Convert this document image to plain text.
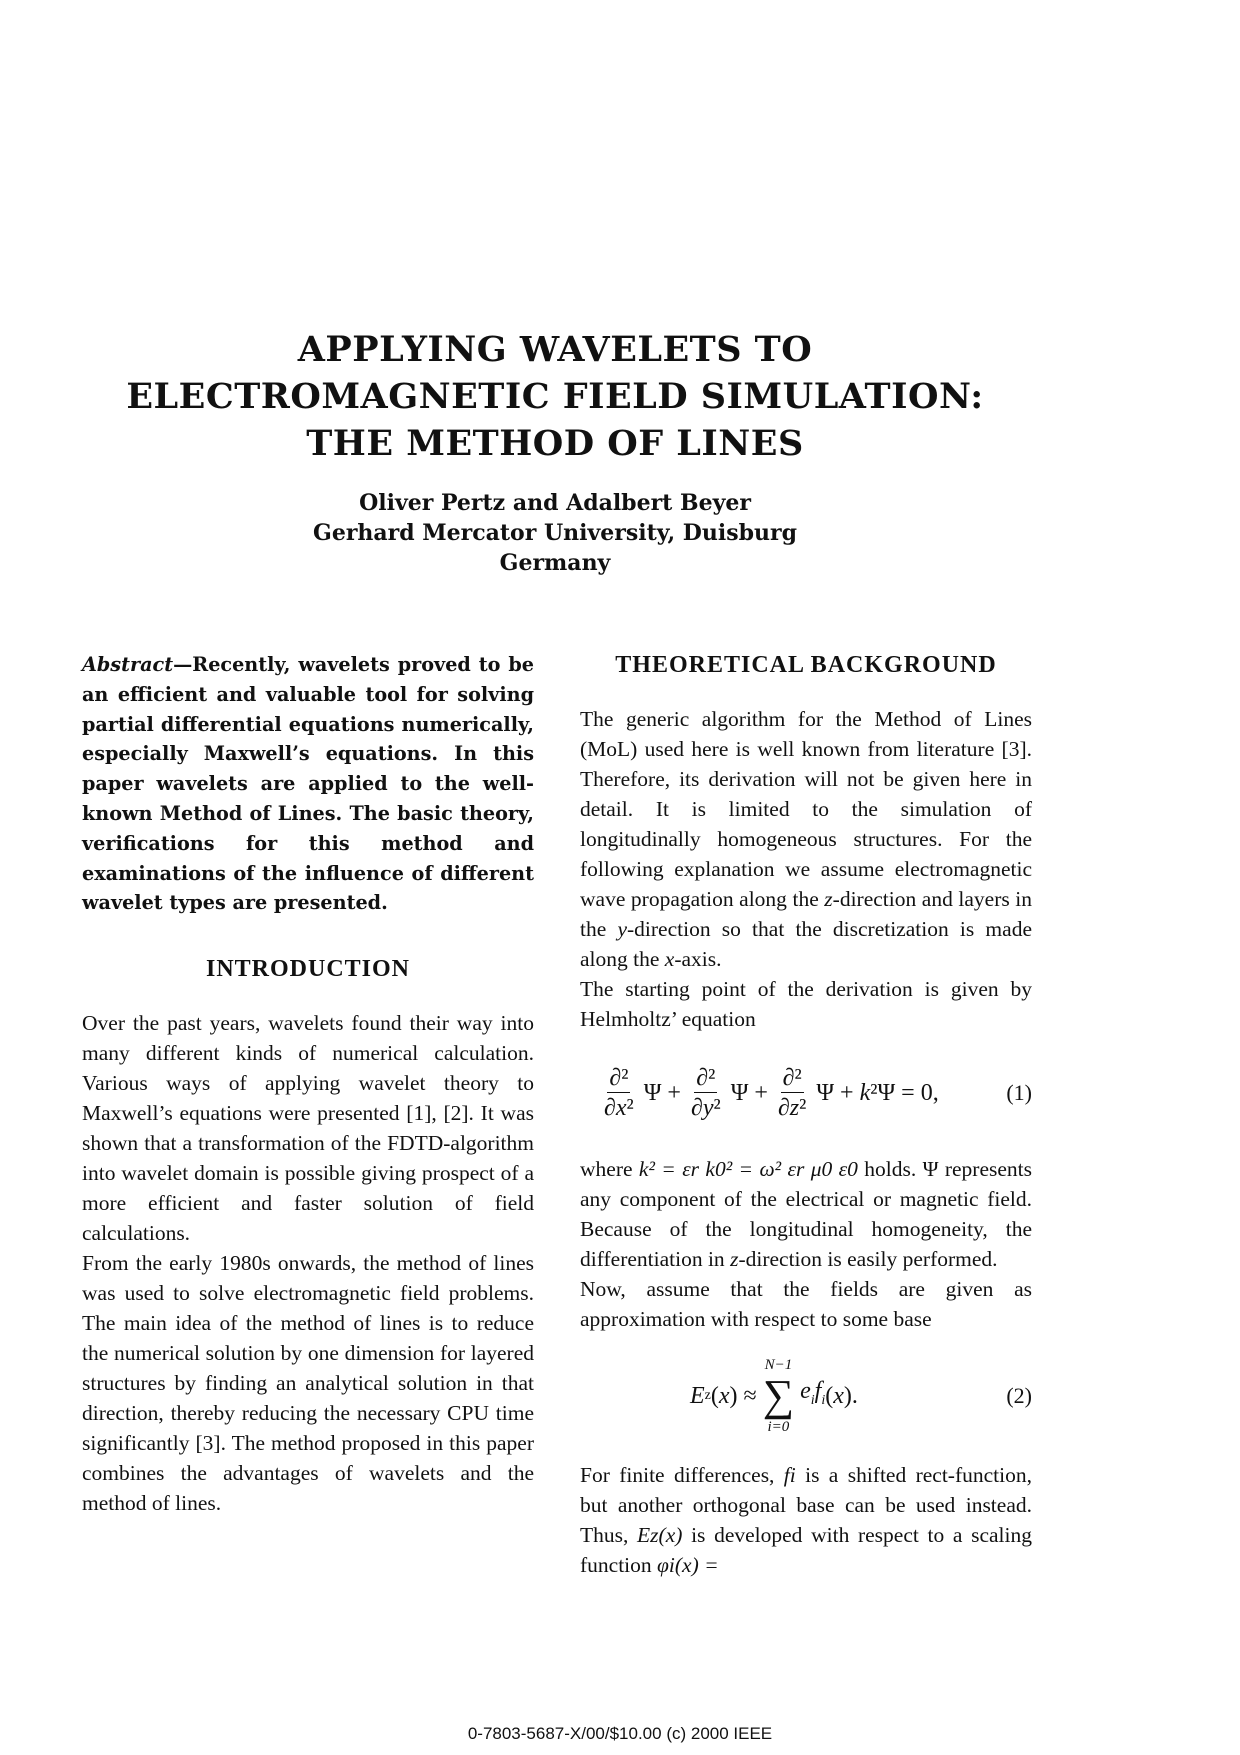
APPLYING WAVELETS TO
ELECTROMAGNETIC FIELD SIMULATION:
THE METHOD OF LINES
Oliver Pertz and Adalbert Beyer
Gerhard Mercator University, Duisburg
Germany

Abstract—Recently, wavelets proved to be an efficient and valuable tool for solving partial differential equations numerically, especially Maxwell’s equations. In this paper wavelets are applied to the well-known Method of Lines. The basic theory, verifications for this method and examinations of the influence of different wavelet types are presented.

INTRODUCTION

Over the past years, wavelets found their way into many different kinds of numerical calculation. Various ways of applying wavelet theory to Maxwell’s equations were presented [1], [2]. It was shown that a transformation of the FDTD-algorithm into wavelet domain is possible giving prospect of a more efficient and faster solution of field calculations.

From the early 1980s onwards, the method of lines was used to solve electromagnetic field problems. The main idea of the method of lines is to reduce the numerical solution by one dimension for layered structures by finding an analytical solution in that direction, thereby reducing the necessary CPU time significantly [3]. The method proposed in this paper combines the advantages of wavelets and the method of lines.

THEORETICAL BACKGROUND

The generic algorithm for the Method of Lines (MoL) used here is well known from literature [3]. Therefore, its derivation will not be given here in detail. It is limited to the simulation of longitudinally homogeneous structures. For the following explanation we assume electromagnetic wave propagation along the z-direction and layers in the y-direction so that the discretization is made along the x-axis.

The starting point of the derivation is given by Helmholtz’ equation

$\frac{\text{∂²}}{\text{∂x²}}$ $\Psi + \frac{\text{∂²}}{\text{∂y²}}$ $\Psi + \frac{\text{∂²}}{\text{∂z²}}$ Ψ + k ²Ψ = 0,	(1)

where k² = εr k0² = ω² εr μ0 ε0 holds. Ψ represents any component of the electrical or magnetic field. Because of the longitudinal homogeneity, the differentiation in z-direction is easily performed.

Now, assume that the fields are given as approximation with respect to some base

E z ( x ) ≈
N−1
∑
i=0
$e_if_i$ ( x ).	(2)

For finite differences, fi is a shifted rect-function, but another orthogonal base can be used instead. Thus, Ez(x) is developed with respect to a scaling function φi(x) =

0-7803-5687-X/00/$10.00 (c) 2000 IEEE
